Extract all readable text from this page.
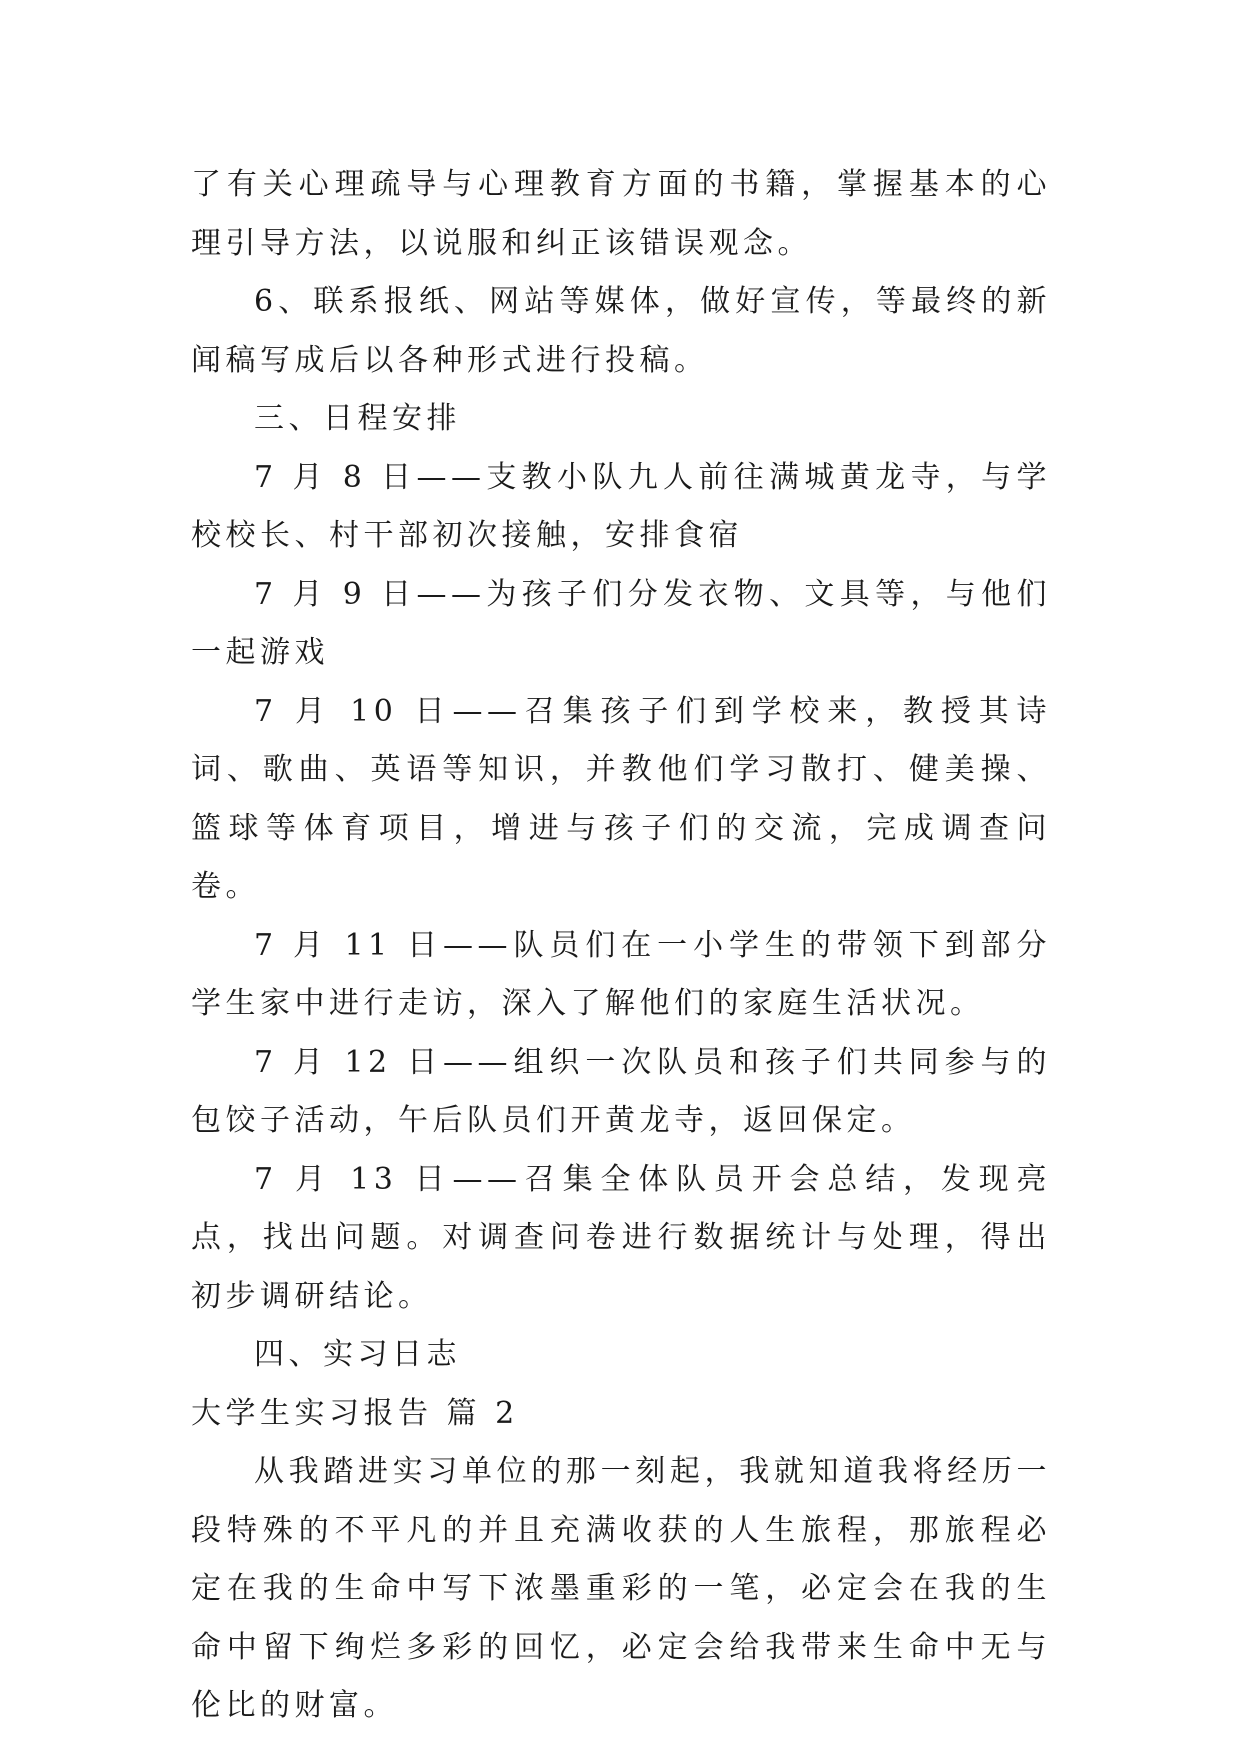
了有关心理疏导与心理教育方面的书籍，掌握基本的心理引导方法，以说服和纠正该错误观念。

6、联系报纸、网站等媒体，做好宣传，等最终的新闻稿写成后以各种形式进行投稿。

三、日程安排

7 月 8 日——支教小队九人前往满城黄龙寺，与学校校长、村干部初次接触，安排食宿

7 月 9 日——为孩子们分发衣物、文具等，与他们一起游戏

7 月 10 日——召集孩子们到学校来，教授其诗词、歌曲、英语等知识，并教他们学习散打、健美操、篮球等体育项目，增进与孩子们的交流，完成调查问卷。

7 月 11 日——队员们在一小学生的带领下到部分学生家中进行走访，深入了解他们的家庭生活状况。

7 月 12 日——组织一次队员和孩子们共同参与的包饺子活动，午后队员们开黄龙寺，返回保定。

7 月 13 日——召集全体队员开会总结，发现亮点，找出问题。对调查问卷进行数据统计与处理，得出初步调研结论。

四、实习日志

大学生实习报告 篇 2

从我踏进实习单位的那一刻起，我就知道我将经历一段特殊的不平凡的并且充满收获的人生旅程，那旅程必定在我的生命中写下浓墨重彩的一笔，必定会在我的生命中留下绚烂多彩的回忆，必定会给我带来生命中无与伦比的财富。
